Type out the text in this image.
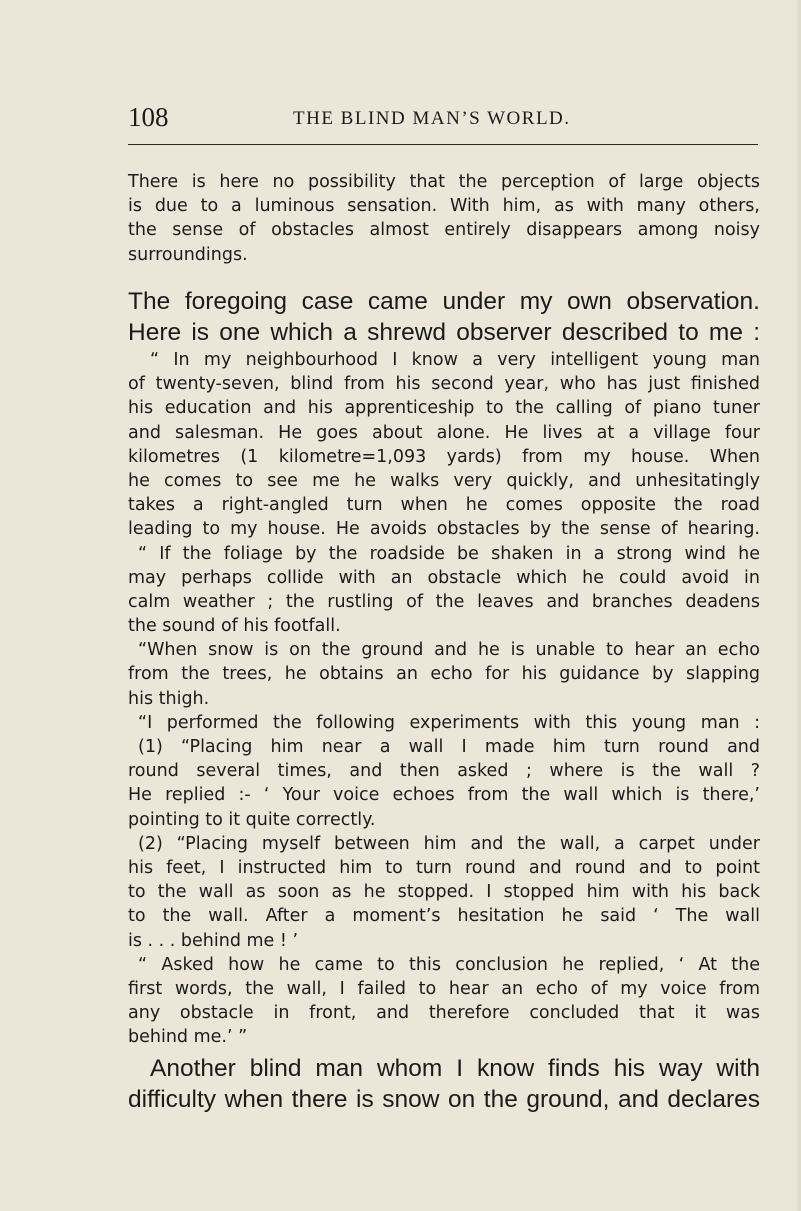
108	THE BLIND MAN’S WORLD.
There is here no possibility that the perception of large objects
is due to a luminous sensation. With him, as with many others,
the sense of obstacles almost entirely disappears among noisy
surroundings.
The foregoing case came under my own observation.
Here is one which a shrewd observer described to me :
“ In my neighbourhood I know a very intelligent young man
of twenty-seven, blind from his second year, who has just finished
his education and his apprenticeship to the calling of piano tuner
and salesman. He goes about alone. He lives at a village four
kilometres (1 kilometre=1,093 yards) from my house. When
he comes to see me he walks very quickly, and unhesitatingly
takes a right-angled turn when he comes opposite the road
leading to my house. He avoids obstacles by the sense of hearing.
“ If the foliage by the roadside be shaken in a strong wind he
may perhaps collide with an obstacle which he could avoid in
calm weather ; the rustling of the leaves and branches deadens
the sound of his footfall.
“When snow is on the ground and he is unable to hear an echo
from the trees, he obtains an echo for his guidance by slapping
his thigh.
“I performed the following experiments with this young man :
(1) “Placing him near a wall I made him turn round and
round several times, and then asked ; where is the wall ?
He replied :- ‘ Your voice echoes from the wall which is there,’
pointing to it quite correctly.
(2) “Placing myself between him and the wall, a carpet under
his feet, I instructed him to turn round and round and to point
to the wall as soon as he stopped. I stopped him with his back
to the wall. After a moment’s hesitation he said ‘ The wall
is . . . behind me ! ’
“ Asked how he came to this conclusion he replied, ‘ At the
first words, the wall, I failed to hear an echo of my voice from
any obstacle in front, and therefore concluded that it was
behind me.’ ”
Another blind man whom I know finds his way with
difficulty when there is snow on the ground, and declares
